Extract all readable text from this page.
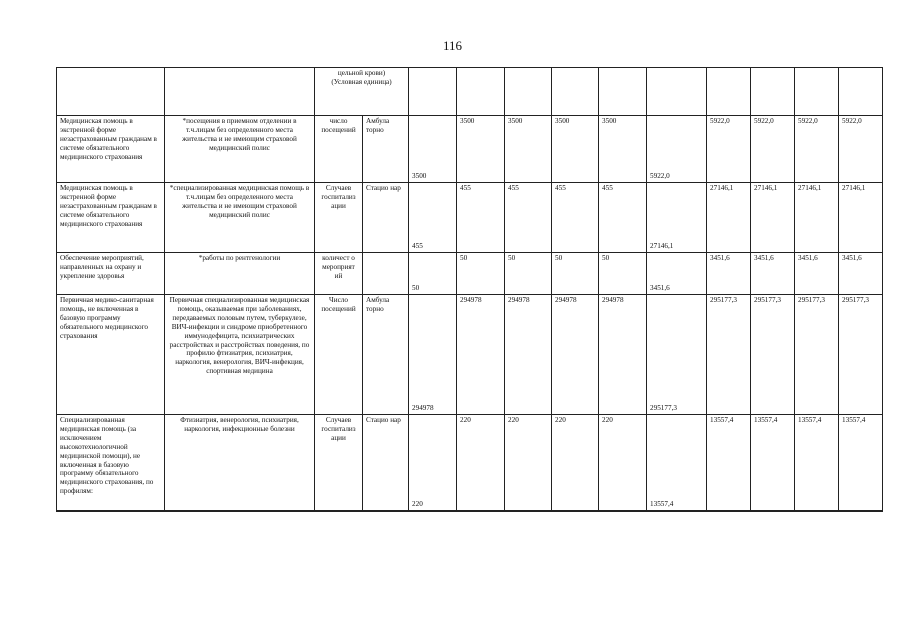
116
		цельной крови)
(Условная единица)											
Медицинская помощь в экстренной форме незастрахованным гражданам в системе обязательного медицинского страхования	*посещения в приемном отделении в т.ч.лицам без определенного места жительства и не имеющим страховой медицинский полис	число посещений	Амбула торно	3500	3500	3500	3500	3500	5922,0	5922,0	5922,0	5922,0	5922,0
Медицинская помощь в экстренной форме незастрахованным гражданам в системе обязательного медицинского страхования	*специализированная медицинская помощь в т.ч.лицам без определенного места жительства и не имеющим страховой медицинский полис	Случаев госпитализ ации	Стацио нар	455	455	455	455	455	27146,1	27146,1	27146,1	27146,1	27146,1
Обеспечение мероприятий, направленных на охрану и укрепление здоровья	*работы по рентгенологии	количест о мероприят ий		50	50	50	50	50	3451,6	3451,6	3451,6	3451,6	3451,6
Первичная медико-санитарная помощь, не включенная в базовую программу обязательного медицинского страхования	Первичная специализированная медицинская помощь, оказываемая при заболеваниях, передаваемых половым путем, туберкулезе, ВИЧ-инфекции и синдроме приобретенного иммунодефицита, психиатрических расстройствах и расстройствах поведения, по профилю фтизиатрия, психиатрия, наркология, венерология, ВИЧ-инфекция, спортивная медицина	Число посещений	Амбула торно	294978	294978	294978	294978	294978	295177,3	295177,3	295177,3	295177,3	295177,3
Специализированная медицинская помощь (за исключением высокотехнологичной медицинской помощи), не включенная в базовую программу обязательного медицинского страхования, по профилям:	Фтизиатрия, венерология, психиатрия, наркология, инфекционные болезни	Случаев госпитализ ации	Стацио нар	220	220	220	220	220	13557,4	13557,4	13557,4	13557,4	13557,4
